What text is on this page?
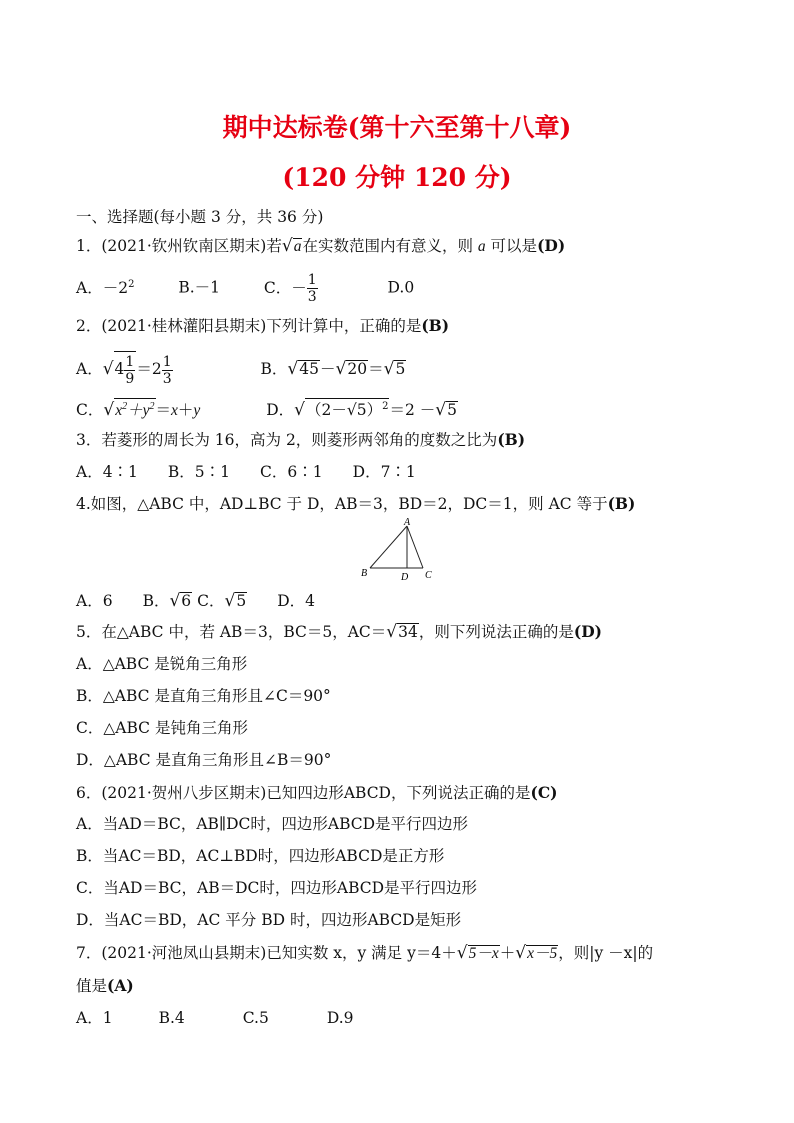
期中达标卷(第十六至第十八章)
(120 分钟 120 分)
一、选择题(每小题 3 分，共 36 分)
1．(2021·钦州钦南区期末)若√a在实数范围内有意义，则 a 可以是(D)
A．$-2^2$	B.－1	C．－ $\frac{1}{3}$	D.0
2．(2021·桂林灌阳县期末)下列计算中，正确的是(B)
A．$√4 \frac{1}{9} =2 \frac{1}{3}$	B．√45－√20＝√5
C．$√x^2+y^2=x+y$	D．$√(2-√5)^2=2 -√5$
3．若菱形的周长为 16，高为 2，则菱形两邻角的度数之比为(B)
A．4∶1 B．5∶1 C．6∶1 D．7∶1
4.如图，△ABC 中，AD⊥BC 于 D，AB＝3，BD＝2，DC＝1，则 AC 等于(B)
A
B	C
D
A．6 B．√6 C．√5 D．4
5．在△ABC 中，若 AB＝3，BC＝5，AC＝√34，则下列说法正确的是(D)
A．△ABC 是锐角三角形
B．△ABC 是直角三角形且∠C＝90°
C．△ABC 是钝角三角形
D．△ABC 是直角三角形且∠B＝90°
6．(2021·贺州八步区期末)已知四边形ABCD，下列说法正确的是(C)
A．当AD＝BC，AB∥DC时，四边形ABCD是平行四边形
B．当AC＝BD，AC⊥BD时，四边形ABCD是正方形
C．当AD＝BC，AB＝DC时，四边形ABCD是平行四边形
D．当AC＝BD，AC 平分 BD 时，四边形ABCD是矩形
7．(2021·河池凤山县期末)已知实数 x，y 满足 y＝4＋√5－x＋√x－5，则|y －x|的
值是(A)
A．1	B.4	C.5	D.9
